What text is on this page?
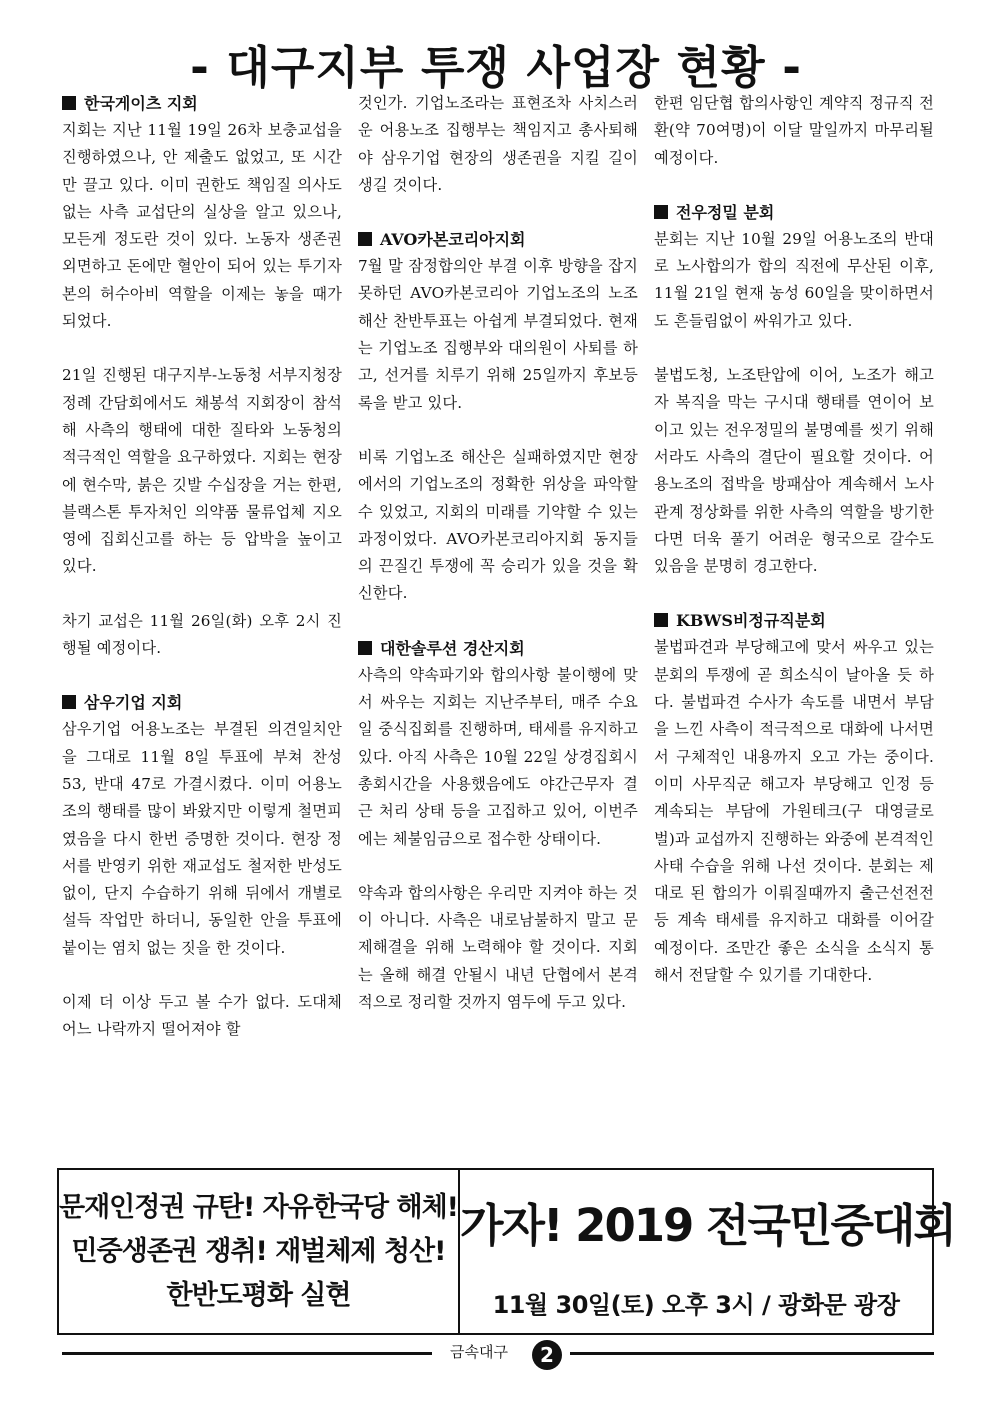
- 대구지부 투쟁 사업장 현황 -
한국게이츠 지회

지회는 지난 11월 19일 26차 보충교섭을 진행하였으나, 안 제출도 없었고, 또 시간만 끌고 있다. 이미 권한도 책임질 의사도 없는 사측 교섭단의 실상을 알고 있으나, 모든게 정도란 것이 있다. 노동자 생존권 외면하고 돈에만 혈안이 되어 있는 투기자본의 허수아비 역할을 이제는 놓을 때가 되었다.

21일 진행된 대구지부-노동청 서부지청장 정례 간담회에서도 채봉석 지회장이 참석해 사측의 행태에 대한 질타와 노동청의 적극적인 역할을 요구하였다. 지회는 현장에 현수막, 붉은 깃발 수십장을 거는 한편, 블랙스톤 투자처인 의약품 물류업체 지오영에 집회신고를 하는 등 압박을 높이고 있다.

차기 교섭은 11월 26일(화) 오후 2시 진행될 예정이다.

삼우기업 지회

삼우기업 어용노조는 부결된 의견일치안을 그대로 11월 8일 투표에 부쳐 찬성 53, 반대 47로 가결시켰다. 이미 어용노조의 행태를 많이 봐왔지만 이렇게 철면피였음을 다시 한번 증명한 것이다. 현장 정서를 반영키 위한 재교섭도 철저한 반성도 없이, 단지 수습하기 위해 뒤에서 개별로 설득 작업만 하더니, 동일한 안을 투표에 붙이는 염치 없는 짓을 한 것이다.

이제 더 이상 두고 볼 수가 없다. 도대체 어느 나락까지 떨어져야 할

것인가. 기업노조라는 표현조차 사치스러운 어용노조 집행부는 책임지고 총사퇴해야 삼우기업 현장의 생존권을 지킬 길이 생길 것이다.

AVO카본코리아지회

7월 말 잠정합의안 부결 이후 방향을 잡지 못하던 AVO카본코리아 기업노조의 노조 해산 찬반투표는 아쉽게 부결되었다. 현재는 기업노조 집행부와 대의원이 사퇴를 하고, 선거를 치루기 위해 25일까지 후보등록을 받고 있다.

비록 기업노조 해산은 실패하였지만 현장에서의 기업노조의 정확한 위상을 파악할 수 있었고, 지회의 미래를 기약할 수 있는 과정이었다. AVO카본코리아지회 동지들의 끈질긴 투쟁에 꼭 승리가 있을 것을 확신한다.

대한솔루션 경산지회

사측의 약속파기와 합의사항 불이행에 맞서 싸우는 지회는 지난주부터, 매주 수요일 중식집회를 진행하며, 태세를 유지하고 있다. 아직 사측은 10월 22일 상경집회시 총회시간을 사용했음에도 야간근무자 결근 처리 상태 등을 고집하고 있어, 이번주에는 체불임금으로 접수한 상태이다.

약속과 합의사항은 우리만 지켜야 하는 것이 아니다. 사측은 내로남불하지 말고 문제해결을 위해 노력해야 할 것이다. 지회는 올해 해결 안될시 내년 단협에서 본격적으로 정리할 것까지 염두에 두고 있다.

한편 임단협 합의사항인 계약직 정규직 전환(약 70여명)이 이달 말일까지 마무리될 예정이다.

전우정밀 분회

분회는 지난 10월 29일 어용노조의 반대로 노사합의가 합의 직전에 무산된 이후, 11월 21일 현재 농성 60일을 맞이하면서도 흔들림없이 싸워가고 있다.

불법도청, 노조탄압에 이어, 노조가 해고자 복직을 막는 구시대 행태를 연이어 보이고 있는 전우정밀의 불명예를 씻기 위해서라도 사측의 결단이 필요할 것이다. 어용노조의 접박을 방패삼아 계속해서 노사관계 정상화를 위한 사측의 역할을 방기한다면 더욱 풀기 어려운 형국으로 갈수도 있음을 분명히 경고한다.

KBWS비정규직분회

불법파견과 부당해고에 맞서 싸우고 있는 분회의 투쟁에 곧 희소식이 날아올 듯 하다. 불법파견 수사가 속도를 내면서 부담을 느낀 사측이 적극적으로 대화에 나서면서 구체적인 내용까지 오고 가는 중이다. 이미 사무직군 해고자 부당해고 인정 등 계속되는 부담에 가원테크(구 대영글로벌)과 교섭까지 진행하는 와중에 본격적인 사태 수습을 위해 나선 것이다. 분회는 제대로 된 합의가 이뤄질때까지 출근선전전 등 계속 태세를 유지하고 대화를 이어갈 예정이다. 조만간 좋은 소식을 소식지 통해서 전달할 수 있기를 기대한다.

문재인정권 규탄! 자유한국당 해체!
민중생존권 쟁취! 재벌체제 청산!
한반도평화 실현
가자! 2019 전국민중대회
11월 30일(토) 오후 3시 / 광화문 광장
금속대구	2
